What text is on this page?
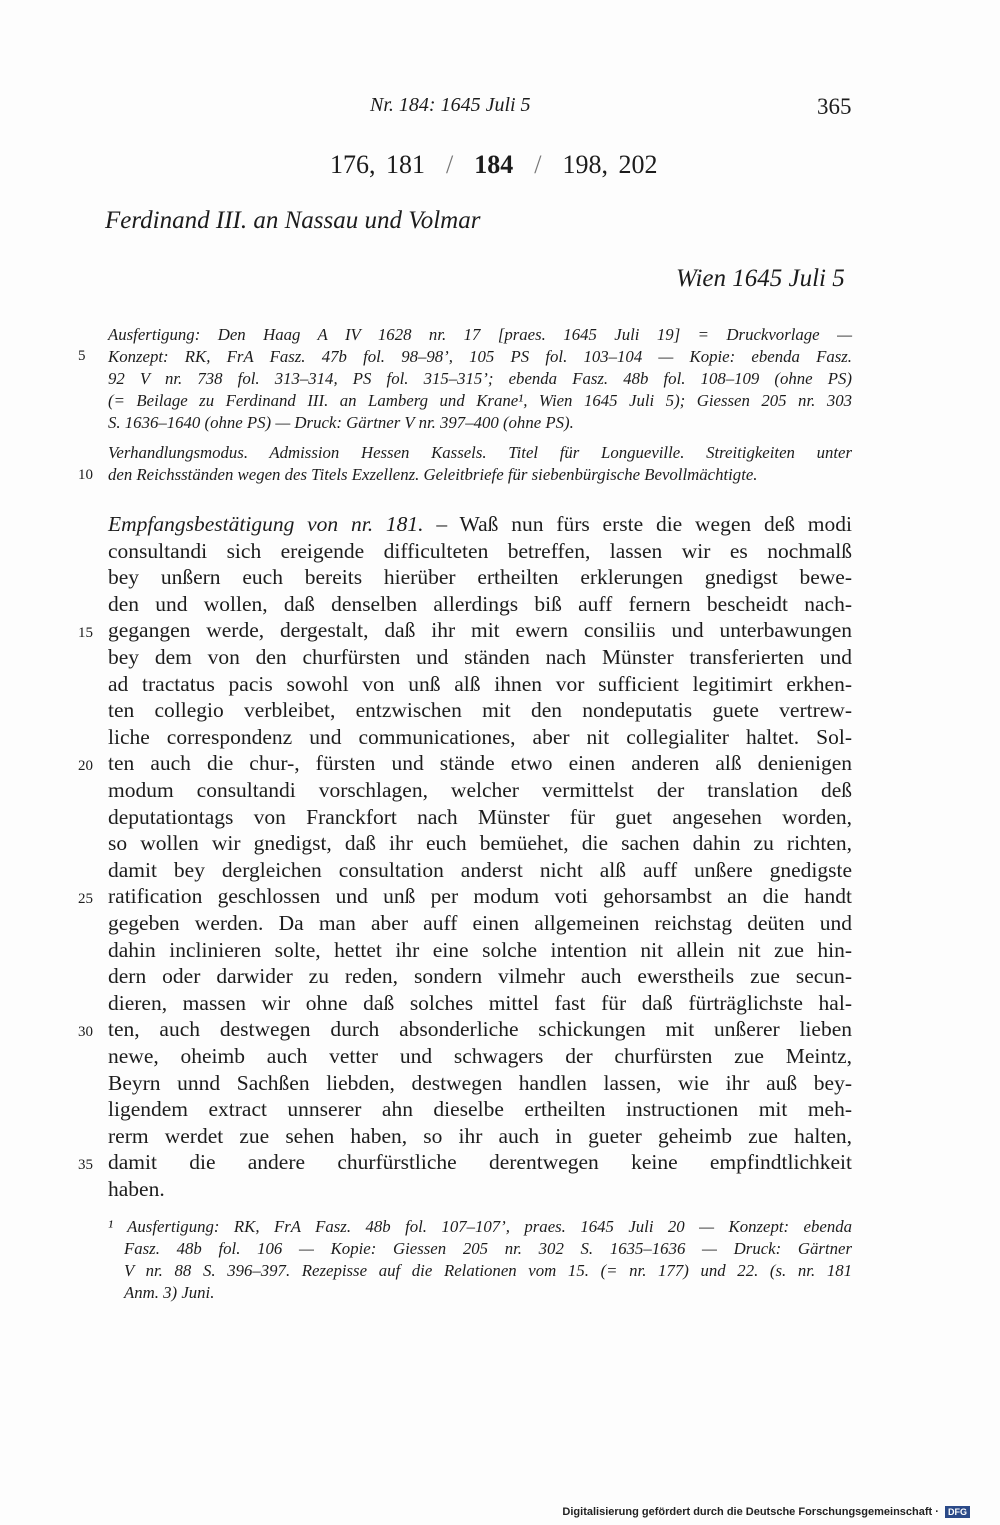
Nr. 184: 1645 Juli 5	365
176, 181  /  184  /  198, 202
Ferdinand III. an Nassau und Volmar
Wien 1645 Juli 5
Ausfertigung: Den Haag A IV 1628 nr. 17 [praes. 1645 Juli 19] = Druckvorlage —
Konzept: RK, FrA Fasz. 47b fol. 98–98’, 105 PS fol. 103–104 — Kopie: ebenda Fasz.
92 V nr. 738 fol. 313–314, PS fol. 315–315’; ebenda Fasz. 48b fol. 108–109 (ohne PS)
(= Beilage zu Ferdinand III. an Lamberg und Krane¹, Wien 1645 Juli 5); Giessen 205 nr. 303
S. 1636–1640 (ohne PS) — Druck: Gärtner V nr. 397–400 (ohne PS).
Verhandlungsmodus. Admission Hessen Kassels. Titel für Longueville. Streitigkeiten unter
den Reichsständen wegen des Titels Exzellenz. Geleitbriefe für siebenbürgische Bevollmächtigte.
Empfangsbestätigung von nr. 181. – Waß nun fürs erste die wegen deß modi
consultandi sich ereigende difficulteten betreffen, lassen wir es nochmalß
bey unßern euch bereits hierüber ertheilten erklerungen gnedigst bewe-
den und wollen, daß denselben allerdings biß auff fernern bescheidt nach-
gegangen werde, dergestalt, daß ihr mit ewern consiliis und unterbawungen
bey dem von den churfürsten und ständen nach Münster transferierten und
ad tractatus pacis sowohl von unß alß ihnen vor sufficient legitimirt erkhen-
ten collegio verbleibet, entzwischen mit den nondeputatis guete vertrew-
liche correspondenz und communicationes, aber nit collegialiter haltet. Sol-
ten auch die chur-, fürsten und stände etwo einen anderen alß denienigen
modum consultandi vorschlagen, welcher vermittelst der translation deß
deputationtags von Franckfort nach Münster für guet angesehen worden,
so wollen wir gnedigst, daß ihr euch bemüehet, die sachen dahin zu richten,
damit bey dergleichen consultation anderst nicht alß auff unßere gnedigste
ratification geschlossen und unß per modum voti gehorsambst an die handt
gegeben werden. Da man aber auff einen allgemeinen reichstag deüten und
dahin inclinieren solte, hettet ihr eine solche intention nit allein nit zue hin-
dern oder darwider zu reden, sondern vilmehr auch ewerstheils zue secun-
dieren, massen wir ohne daß solches mittel fast für daß fürträglichste hal-
ten, auch destwegen durch absonderliche schickungen mit unßerer lieben
newe, oheimb auch vetter und schwagers der churfürsten zue Meintz,
Beyrn unnd Sachßen liebden, destwegen handlen lassen, wie ihr auß bey-
ligendem extract unnserer ahn dieselbe ertheilten instructionen mit meh-
rerm werdet zue sehen haben, so ihr auch in gueter geheimb zue halten,
damit die andere churfürstliche derentwegen keine empfindtlichkeit
haben.
5
10
15
20
25
30
35
¹ Ausfertigung: RK, FrA Fasz. 48b fol. 107–107’, praes. 1645 Juli 20 — Konzept: ebenda
Fasz. 48b fol. 106 — Kopie: Giessen 205 nr. 302 S. 1635–1636 — Druck: Gärtner
V nr. 88 S. 396–397. Rezepisse auf die Relationen vom 15. (= nr. 177) und 22. (s. nr. 181
Anm. 3) Juni.
Digitalisierung gefördert durch die Deutsche Forschungsgemeinschaft · DFG
